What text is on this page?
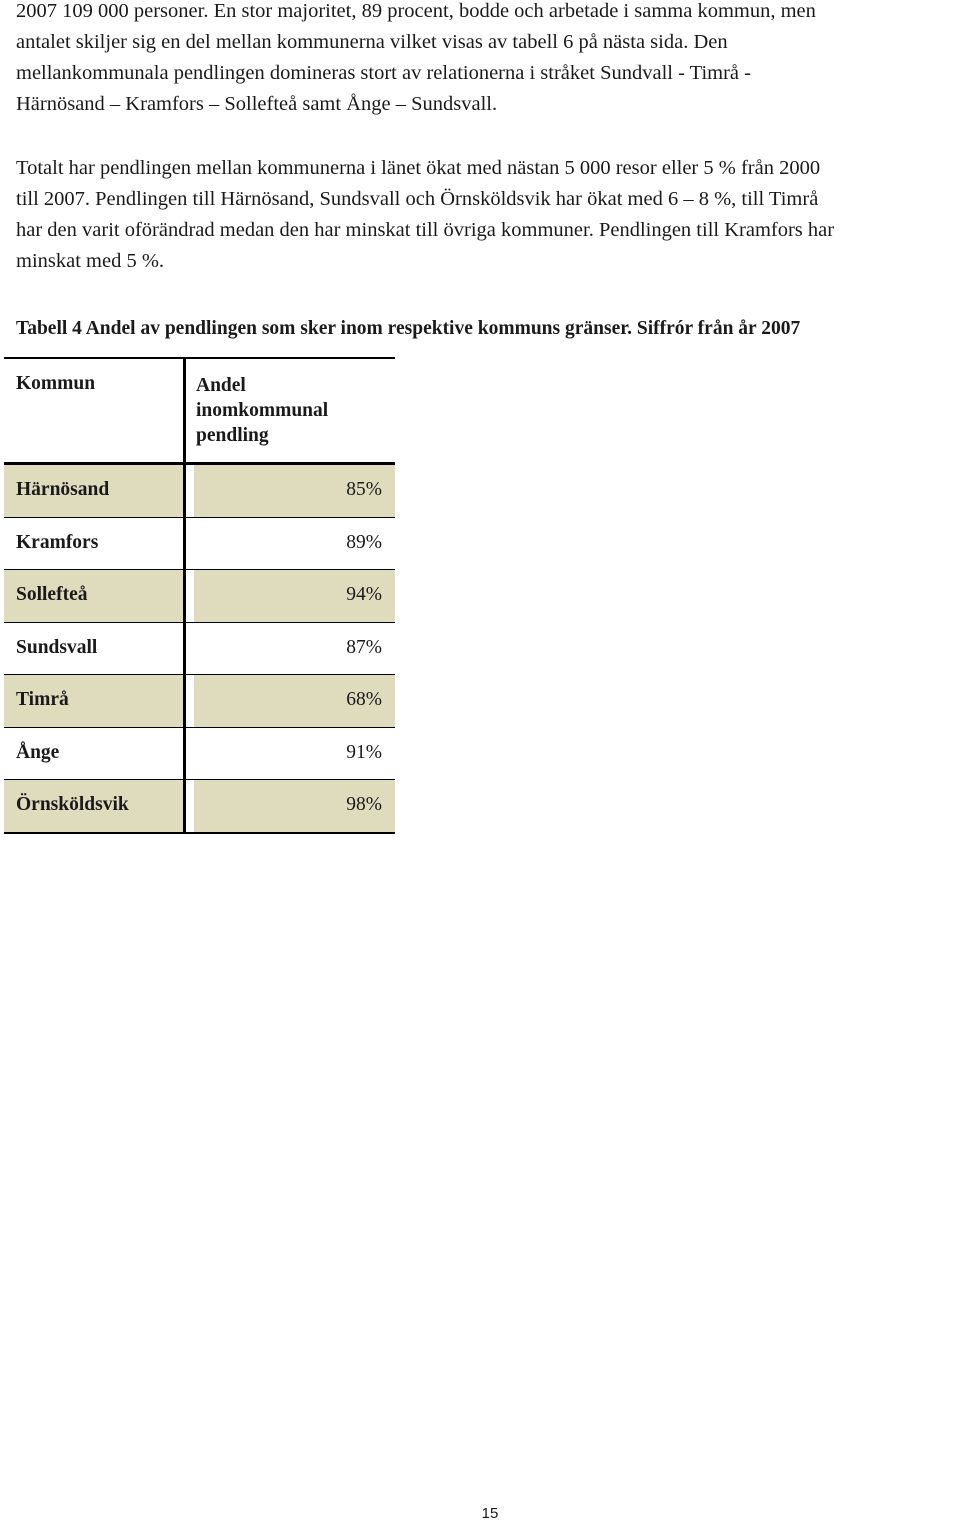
2007 109 000 personer. En stor majoritet, 89 procent, bodde och arbetade i samma kommun, men
antalet skiljer sig en del mellan kommunerna vilket visas av tabell 6 på nästa sida. Den
mellankommunala pendlingen domineras stort av relationerna i stråket Sundvall - Timrå -
Härnösand – Kramfors – Sollefteå samt Ånge – Sundsvall.
Totalt har pendlingen mellan kommunerna i länet ökat med nästan 5 000 resor eller 5 % från 2000
till 2007. Pendlingen till Härnösand, Sundsvall och Örnsköldsvik har ökat med 6 – 8 %, till Timrå
har den varit oförändrad medan den har minskat till övriga kommuner. Pendlingen till Kramfors har
minskat med 5 %.

Tabell 4 Andel av pendlingen som sker inom respektive kommuns gränser. Siffrór från år 2007

Kommun	Andel
inomkommunal
pendling
Härnösand	85%
Kramfors	89%
Sollefteå	94%
Sundsvall	87%
Timrå	68%
Ånge	91%
Örnsköldsvik	98%
15
